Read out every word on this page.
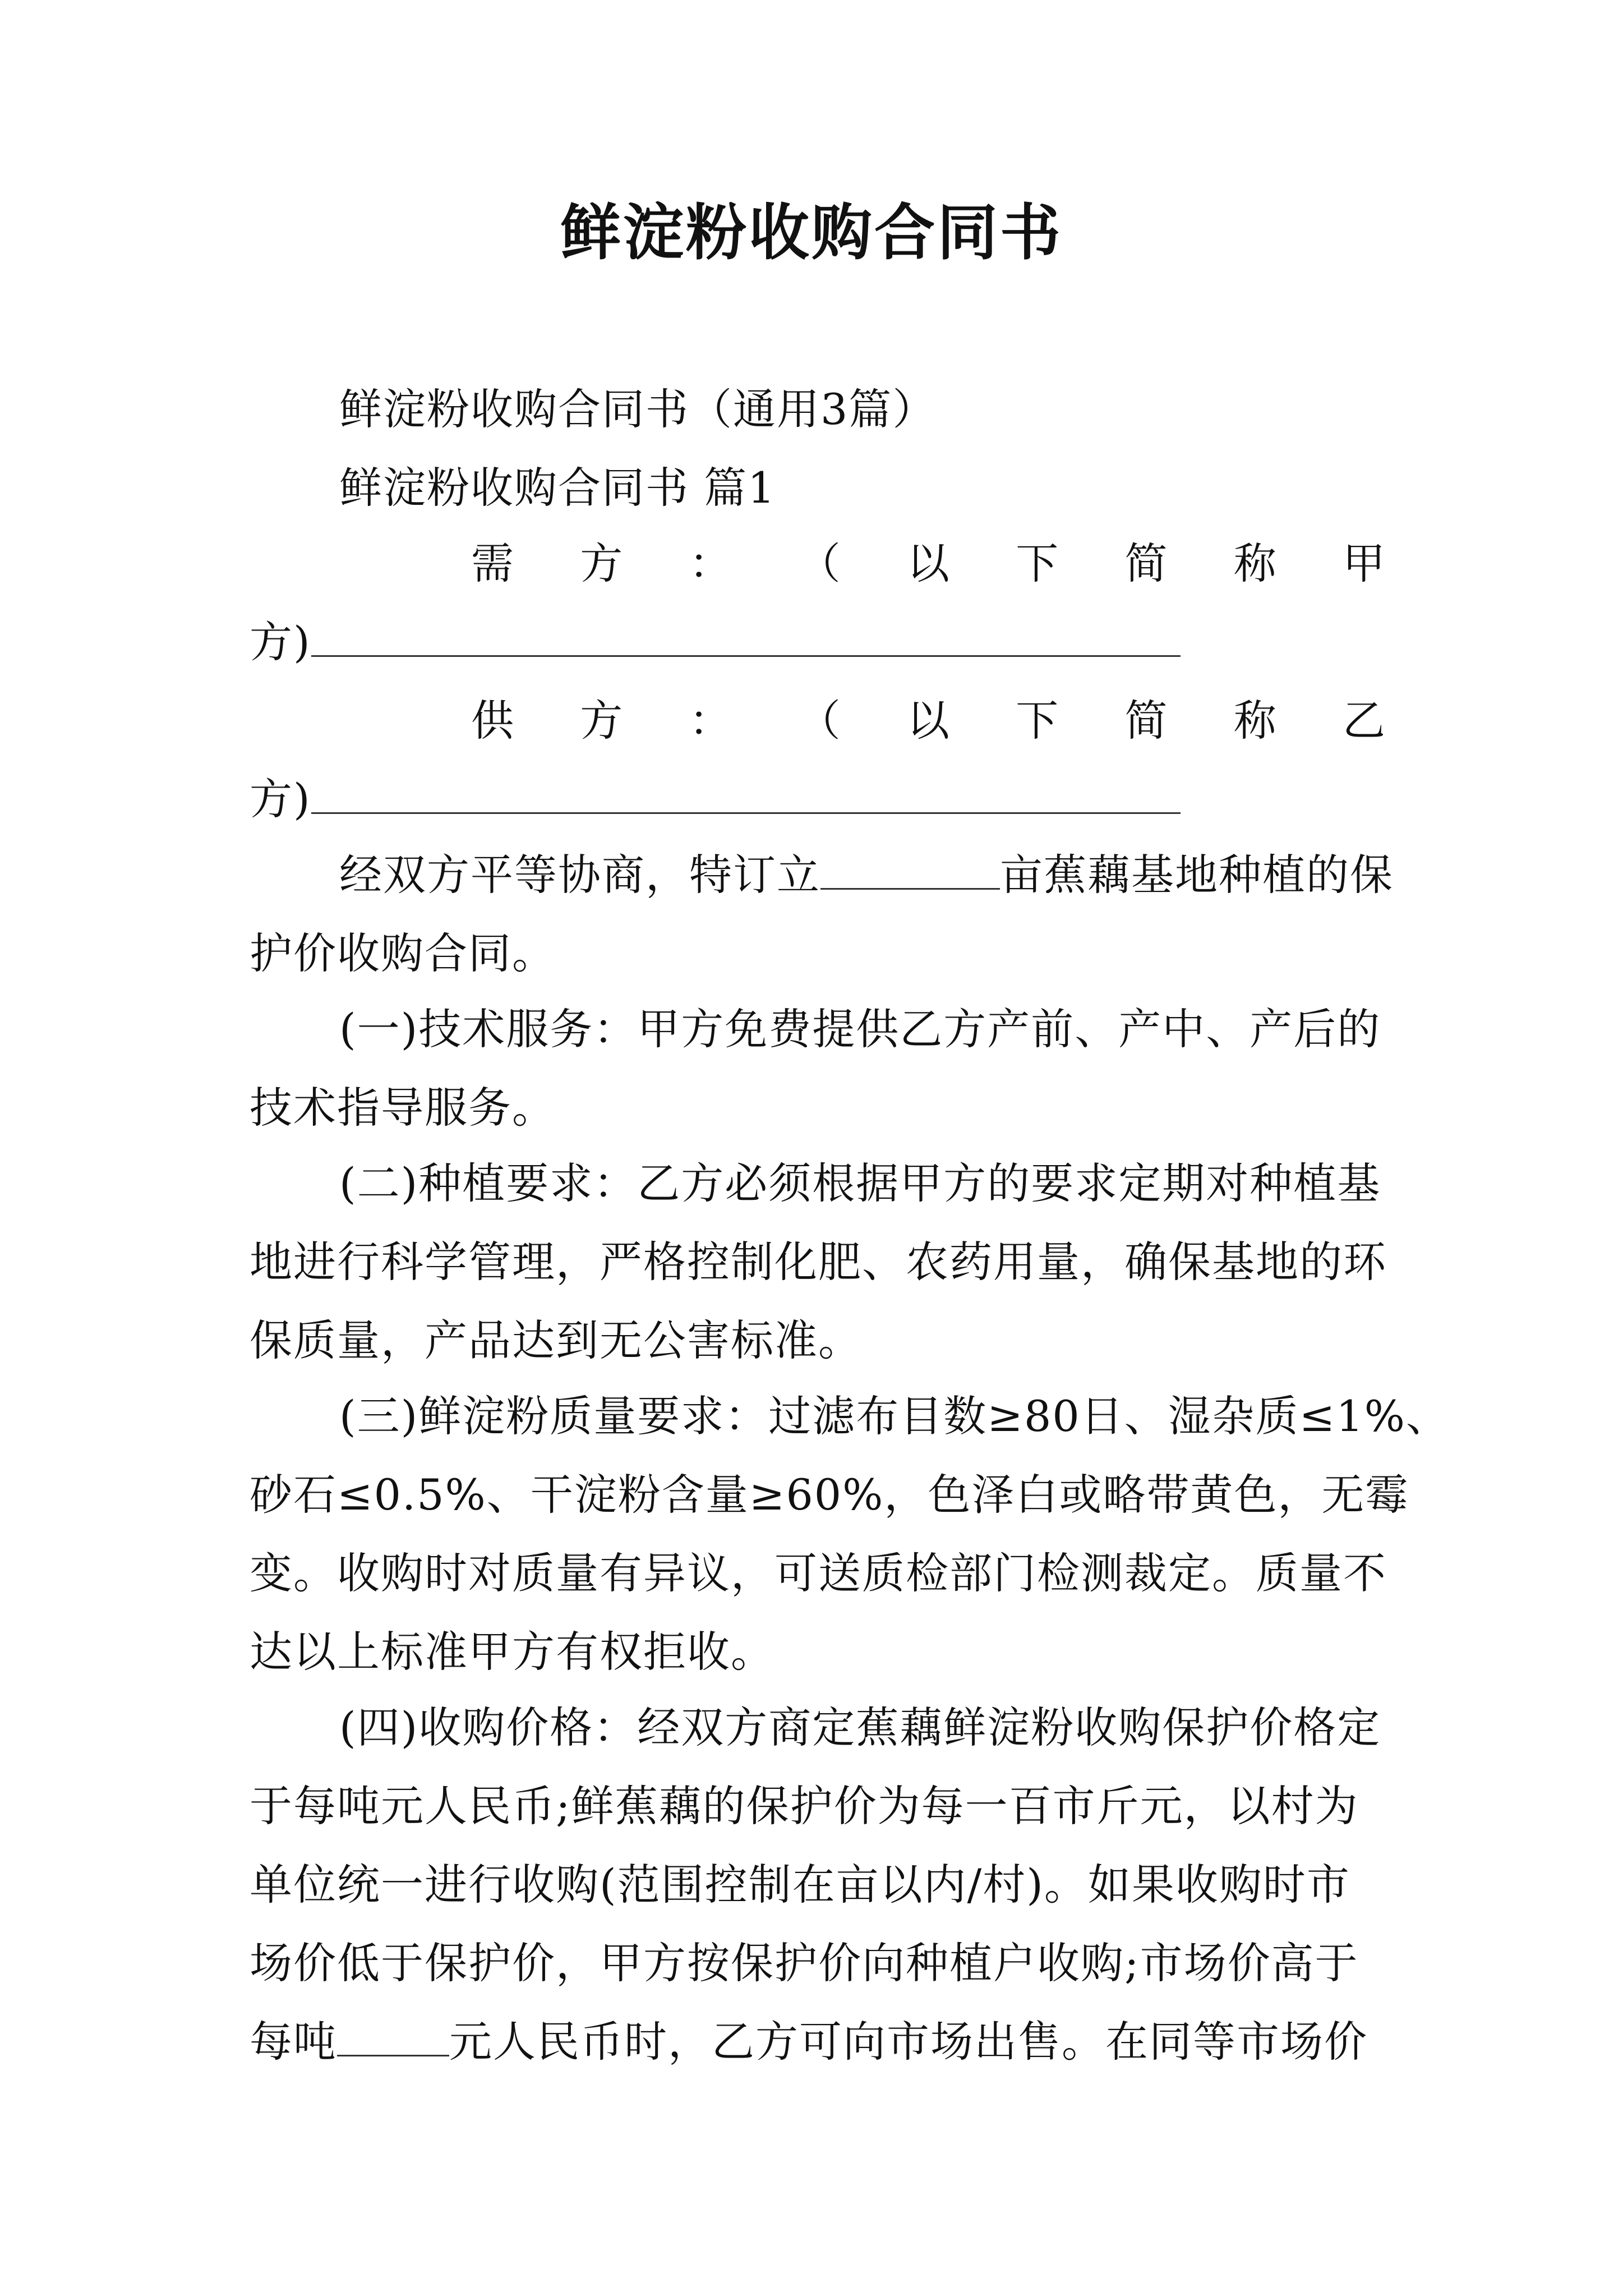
鲜淀粉收购合同书
鲜淀粉收购合同书（通用3篇）
鲜淀粉收购合同书 篇1
需 方 ： （ 以 下 简 称 甲
方)
供 方 ： （ 以 下 简 称 乙
方)
经双方平等协商，特订立	亩蕉藕基地种植的保
护价收购合同。
(一)技术服务：甲方免费提供乙方产前、产中、产后的
技术指导服务。
(二)种植要求：乙方必须根据甲方的要求定期对种植基
地进行科学管理，严格控制化肥、农药用量，确保基地的环
保质量，产品达到无公害标准。
(三)鲜淀粉质量要求：过滤布目数≥80日、湿杂质≤1%、
砂石≤0.5%、干淀粉含量≥60%，色泽白或略带黄色，无霉
变。收购时对质量有异议，可送质检部门检测裁定。质量不
达以上标准甲方有权拒收。
(四)收购价格：经双方商定蕉藕鲜淀粉收购保护价格定
于每吨元人民币;鲜蕉藕的保护价为每一百市斤元，以村为
单位统一进行收购(范围控制在亩以内/村)。如果收购时市
场价低于保护价，甲方按保护价向种植户收购;市场价高于
每吨	元人民币时，乙方可向市场出售。在同等市场价
